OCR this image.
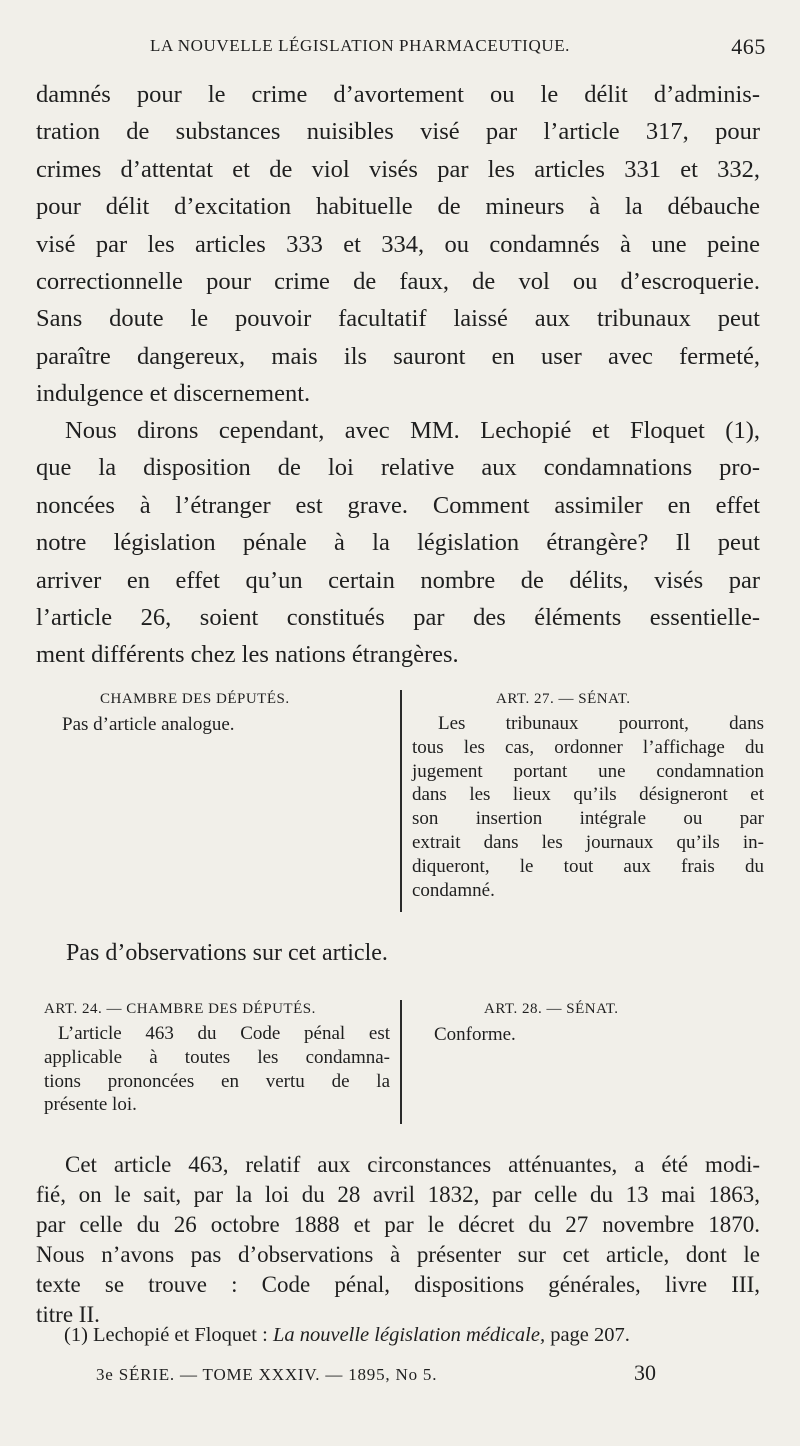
LA NOUVELLE LÉGISLATION PHARMACEUTIQUE.	465
damnés pour le crime d’avortement ou le délit d’adminis-
tration de substances nuisibles visé par l’article 317, pour
crimes d’attentat et de viol visés par les articles 331 et 332,
pour délit d’excitation habituelle de mineurs à la débauche
visé par les articles 333 et 334, ou condamnés à une peine
correctionnelle pour crime de faux, de vol ou d’escroquerie.
Sans doute le pouvoir facultatif laissé aux tribunaux peut
paraître dangereux, mais ils sauront en user avec fermeté,
indulgence et discernement.
Nous dirons cependant, avec MM. Lechopié et Floquet (1),
que la disposition de loi relative aux condamnations pro-
noncées à l’étranger est grave. Comment assimiler en effet
notre législation pénale à la législation étrangère? Il peut
arriver en effet qu’un certain nombre de délits, visés par
l’article 26, soient constitués par des éléments essentielle-
ment différents chez les nations étrangères.
CHAMBRE DES DÉPUTÉS.
Pas d’article analogue.
ART. 27. — SÉNAT.
Les tribunaux pourront, dans
tous les cas, ordonner l’affichage du
jugement portant une condamnation
dans les lieux qu’ils désigneront et
son insertion intégrale ou par
extrait dans les journaux qu’ils in-
diqueront, le tout aux frais du
condamné.
Pas d’observations sur cet article.
ART. 24. — CHAMBRE DES DÉPUTÉS.
L’article 463 du Code pénal est
applicable à toutes les condamna-
tions prononcées en vertu de la
présente loi.
ART. 28. — SÉNAT.
Conforme.
Cet article 463, relatif aux circonstances atténuantes, a été modi-
fié, on le sait, par la loi du 28 avril 1832, par celle du 13 mai 1863,
par celle du 26 octobre 1888 et par le décret du 27 novembre 1870.
Nous n’avons pas d’observations à présenter sur cet article, dont le
texte se trouve : Code pénal, dispositions générales, livre III,
titre II.
(1) Lechopié et Floquet : La nouvelle législation médicale, page 207.
3e SÉRIE. — TOME XXXIV. — 1895, No 5.	30
